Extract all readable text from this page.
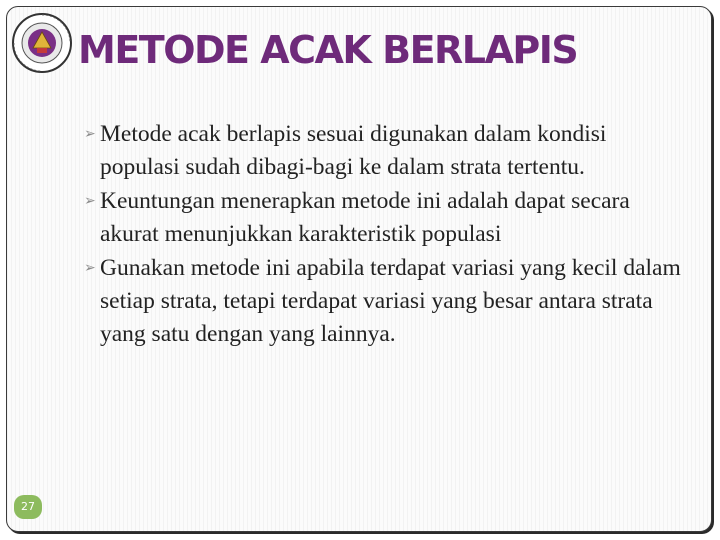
METODE ACAK BERLAPIS
➢ Metode acak berlapis sesuai digunakan dalam kondisi populasi sudah dibagi-bagi ke dalam strata tertentu.
➢ Keuntungan menerapkan metode ini adalah dapat secara akurat menunjukkan karakteristik populasi
➢ Gunakan metode ini apabila terdapat variasi yang kecil dalam setiap strata, tetapi terdapat variasi yang besar antara strata yang satu dengan yang lainnya.
27
